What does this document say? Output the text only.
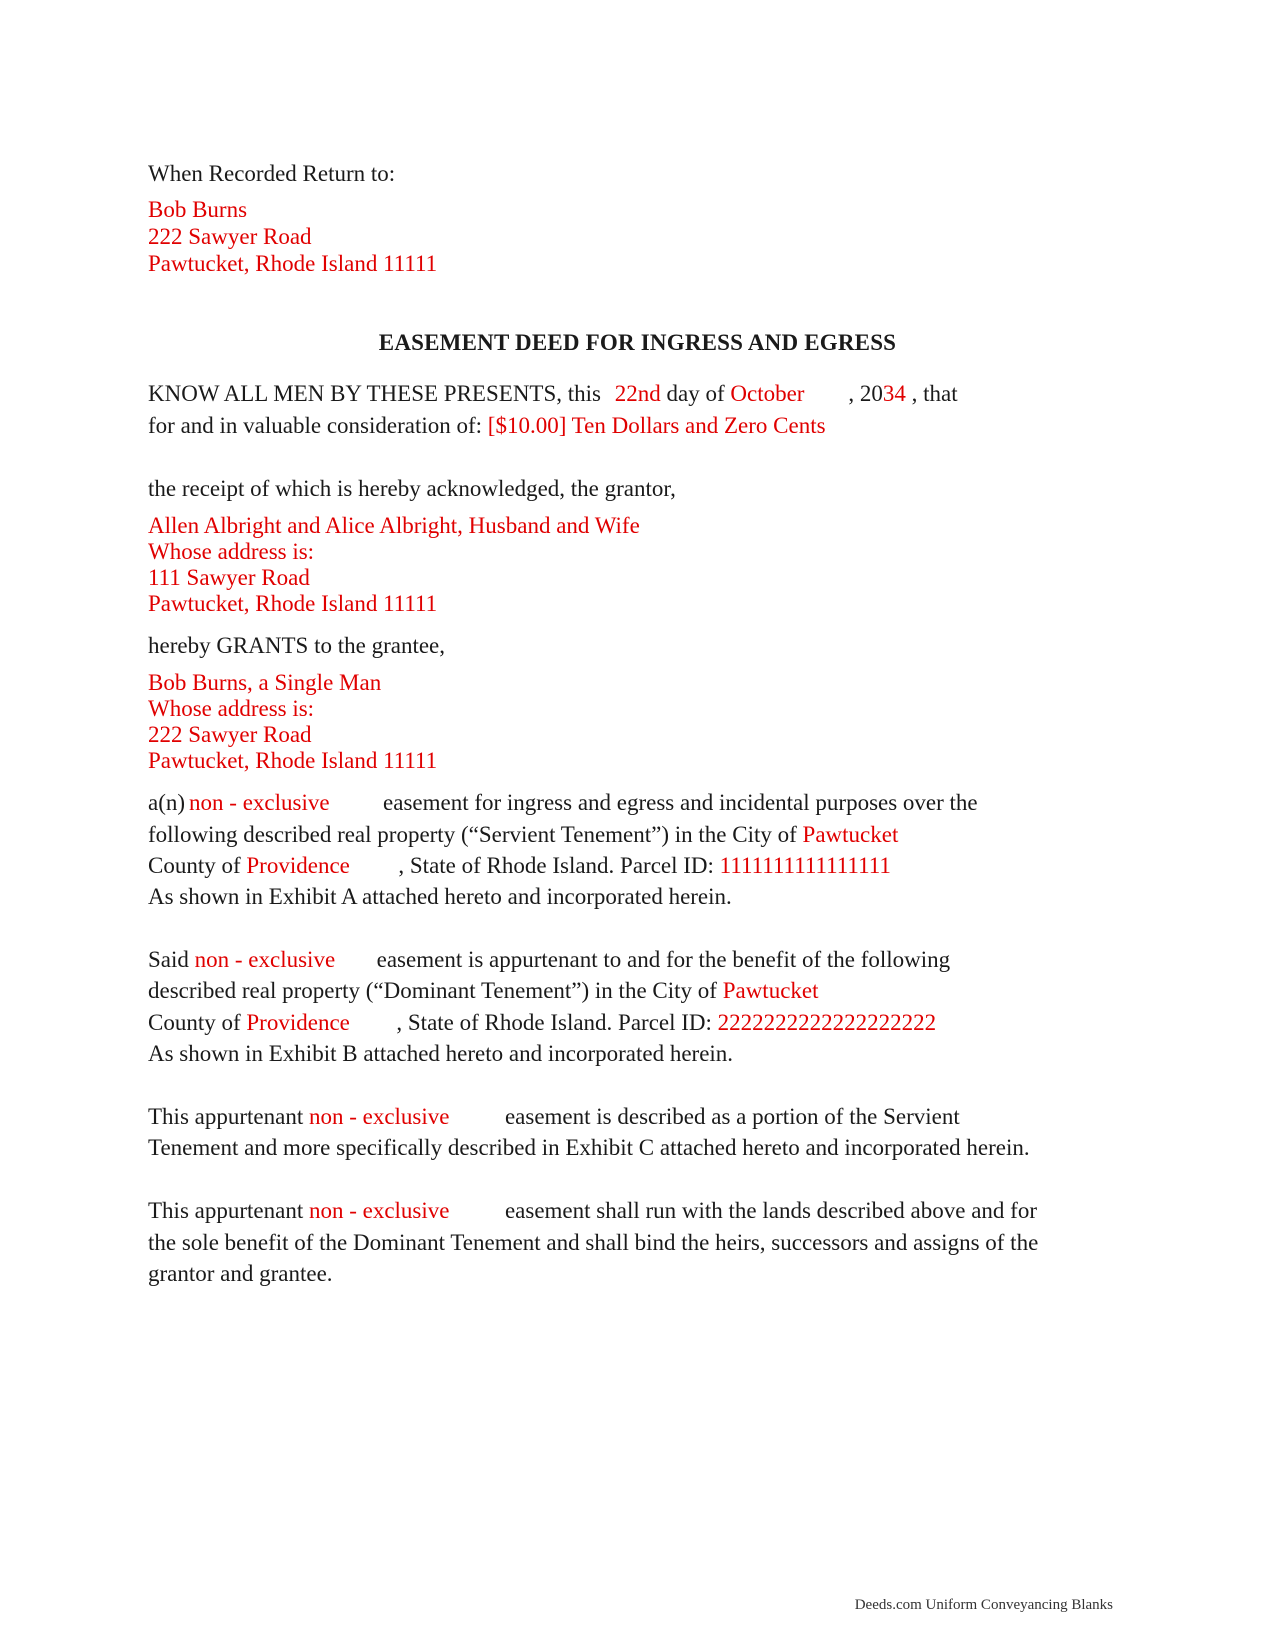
When Recorded Return to:
Bob Burns
222 Sawyer Road
Pawtucket, Rhode Island 11111
EASEMENT DEED FOR INGRESS AND EGRESS
KNOW ALL MEN BY THESE PRESENTS, this 22nd day of October , 2034 , that
for and in valuable consideration of: [$10.00] Ten Dollars and Zero Cents
the receipt of which is hereby acknowledged, the grantor,
Allen Albright and Alice Albright, Husband and Wife
Whose address is:
111 Sawyer Road
Pawtucket, Rhode Island 11111
hereby GRANTS to the grantee,
Bob Burns, a Single Man
Whose address is:
222 Sawyer Road
Pawtucket, Rhode Island 11111
a(n) non - exclusive easement for ingress and egress and incidental purposes over the
following described real property (“Servient Tenement”) in the City of Pawtucket
County of Providence , State of Rhode Island. Parcel ID: 1111111111111111
As shown in Exhibit A attached hereto and incorporated herein.
Said non - exclusive easement is appurtenant to and for the benefit of the following
described real property (“Dominant Tenement”) in the City of Pawtucket
County of Providence , State of Rhode Island. Parcel ID: 2222222222222222222
As shown in Exhibit B attached hereto and incorporated herein.
This appurtenant non - exclusive easement is described as a portion of the Servient
Tenement and more specifically described in Exhibit C attached hereto and incorporated herein.
This appurtenant non - exclusive easement shall run with the lands described above and for
the sole benefit of the Dominant Tenement and shall bind the heirs, successors and assigns of the
grantor and grantee.
Deeds.com Uniform Conveyancing Blanks
